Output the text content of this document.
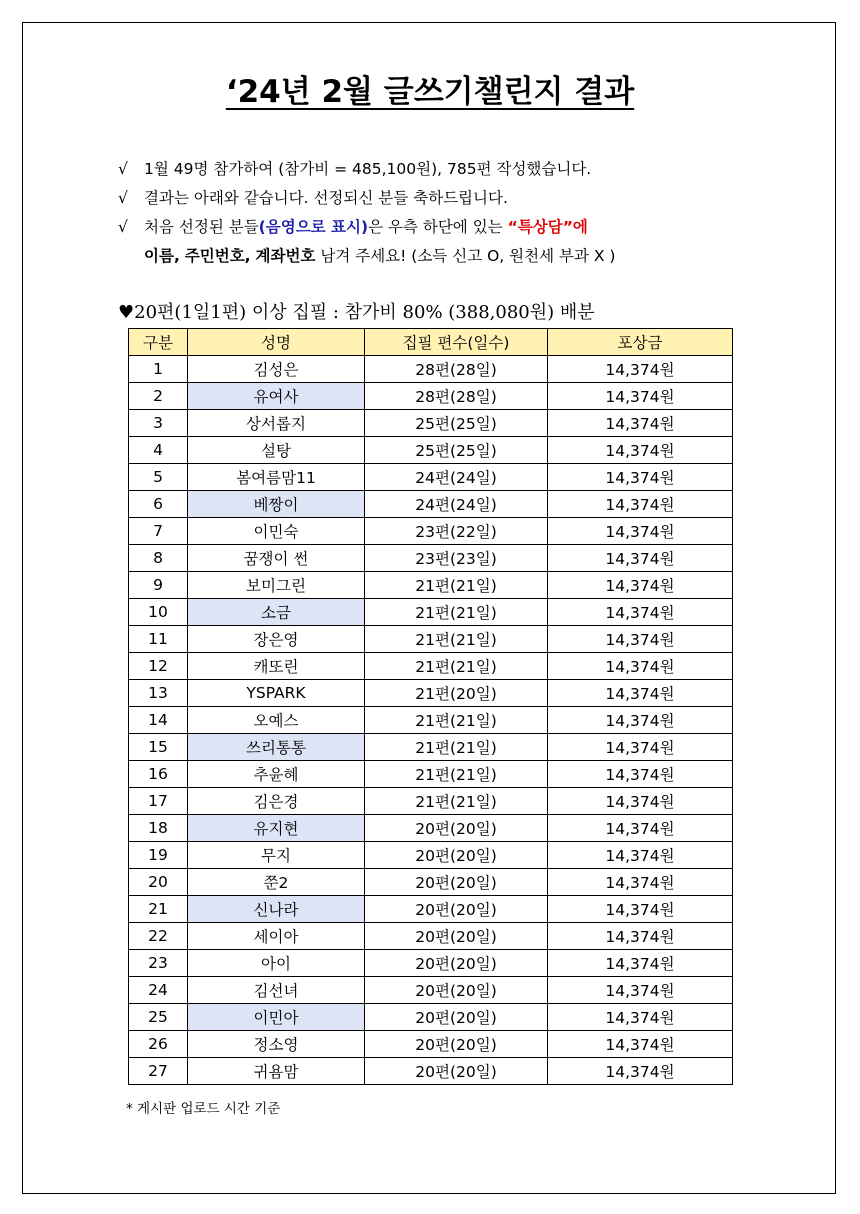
‘24년 2월 글쓰기챌린지 결과
√ 1월 49명 참가하여 (참가비 = 485,100원), 785편 작성했습니다.
√ 결과는 아래와 같습니다. 선정되신 분들 축하드립니다.
√ 처음 선정된 분들(음영으로 표시)은 우측 하단에 있는 “특상담”에
이름, 주민번호, 계좌번호 남겨 주세요! (소득 신고 O, 원천세 부과 X )
♥20편(1일1편) 이상 집필 : 참가비 80% (388,080원) 배분
구분	성명	집필 편수(일수)	포상금
1	김성은	28편(28일)	14,374원
2	유여사	28편(28일)	14,374원
3	상서롭지	25편(25일)	14,374원
4	설탕	25편(25일)	14,374원
5	봄여름맘11	24편(24일)	14,374원
6	베짱이	24편(24일)	14,374원
7	이민숙	23편(22일)	14,374원
8	꿈쟁이 썬	23편(23일)	14,374원
9	보미그린	21편(21일)	14,374원
10	소금	21편(21일)	14,374원
11	장은영	21편(21일)	14,374원
12	캐또린	21편(21일)	14,374원
13	YSPARK	21편(20일)	14,374원
14	오예스	21편(21일)	14,374원
15	쓰리통통	21편(21일)	14,374원
16	추윤혜	21편(21일)	14,374원
17	김은경	21편(21일)	14,374원
18	유지현	20편(20일)	14,374원
19	무지	20편(20일)	14,374원
20	쭌2	20편(20일)	14,374원
21	신나라	20편(20일)	14,374원
22	세이아	20편(20일)	14,374원
23	아이	20편(20일)	14,374원
24	김선녀	20편(20일)	14,374원
25	이민아	20편(20일)	14,374원
26	정소영	20편(20일)	14,374원
27	귀욤맘	20편(20일)	14,374원
* 게시판 업로드 시간 기준
